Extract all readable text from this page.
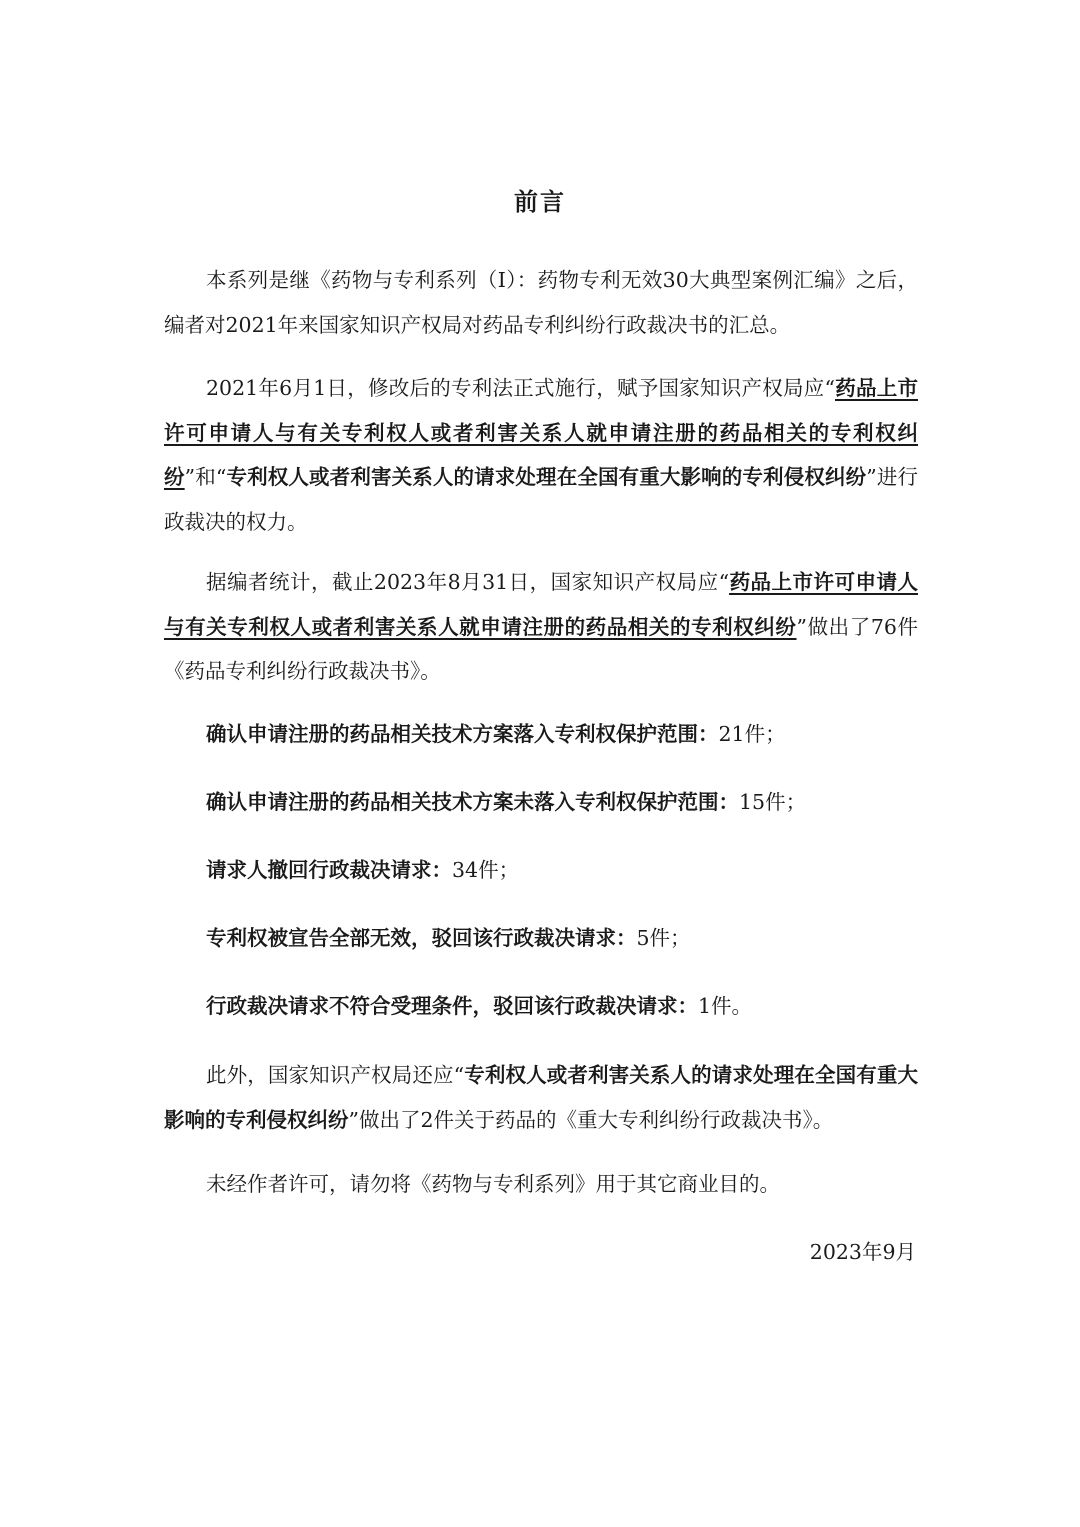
前言
本系列是继《药物与专利系列（I）：药物专利无效30大典型案例汇编》之后，编者对2021年来国家知识产权局对药品专利纠纷行政裁决书的汇总。
2021年6月1日，修改后的专利法正式施行，赋予国家知识产权局应“药品上市许可申请人与有关专利权人或者利害关系人就申请注册的药品相关的专利权纠纷”和“专利权人或者利害关系人的请求处理在全国有重大影响的专利侵权纠纷”进行政裁决的权力。
据编者统计，截止2023年8月31日，国家知识产权局应“药品上市许可申请人与有关专利权人或者利害关系人就申请注册的药品相关的专利权纠纷”做出了76件《药品专利纠纷行政裁决书》。
确认申请注册的药品相关技术方案落入专利权保护范围：21件；
确认申请注册的药品相关技术方案未落入专利权保护范围：15件；
请求人撤回行政裁决请求：34件；
专利权被宣告全部无效，驳回该行政裁决请求：5件；
行政裁决请求不符合受理条件，驳回该行政裁决请求：1件。
此外，国家知识产权局还应“专利权人或者利害关系人的请求处理在全国有重大影响的专利侵权纠纷”做出了2件关于药品的《重大专利纠纷行政裁决书》。
未经作者许可，请勿将《药物与专利系列》用于其它商业目的。
2023年9月
